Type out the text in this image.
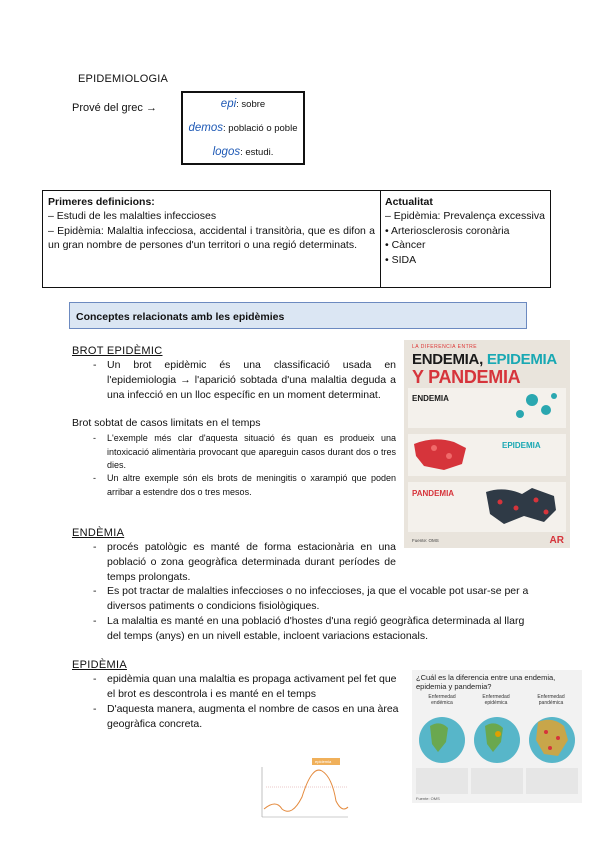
EPIDEMIOLOGIA
Prové del grec →	epi: sobre
demos: població o poble
logos: estudi.
Primeres definicions:
– Estudi de les malalties infeccioses
– Epidèmia: Malaltia infecciosa, accidental i transitòria, que es difon a un gran nombre de persones d'un territori o una regió determinats.
Actualitat
– Epidèmia: Prevalença excessiva
• Arteriosclerosis coronària
• Càncer
• SIDA
Conceptes relacionats amb les epidèmies
BROT EPIDÈMIC
- Un brot epidèmic és una classificació usada en l'epidemiologia → l'aparició sobtada d'una malaltia deguda a una infecció en un lloc específic en un moment determinat.
Brot sobtat de casos limitats en el temps
- L'exemple més clar d'aquesta situació és quan es produeix una intoxicació alimentària provocant que apareguin casos durant dos o tres dies.
- Un altre exemple són els brots de meningitis o xarampió que poden arribar a estendre dos o tres mesos.
LA DIFERENCIA ENTRE
ENDEMIA, EPIDEMIA
Y PANDEMIA
ENDEMIA
EPIDEMIA
PANDEMIA
Fuente: OMS	AR
ENDÈMIA
- procés patològic es manté de forma estacionària en una població o zona geogràfica determinada durant períodes de temps prolongats.
- Es pot tractar de malalties infeccioses o no infeccioses, ja que el vocable pot usar-se per a diversos patiments o condicions fisiològiques.
- La malaltia es manté en una població d'hostes d'una regió geogràfica determinada al llarg del temps (anys) en un nivell estable, incloent variacions estacionals.
EPIDÈMIA
- epidèmia quan una malaltia es propaga activament pel fet que el brot es descontrola i es manté en el temps
- D'aquesta manera, augmenta el nombre de casos en una àrea geogràfica concreta.
¿Cuál es la diferencia entre una endemia, epidemia y pandemia?
Enfermedad endémica
Enfermedad epidémica
Enfermedad pandémica
Fuente: OMS
epidemia
